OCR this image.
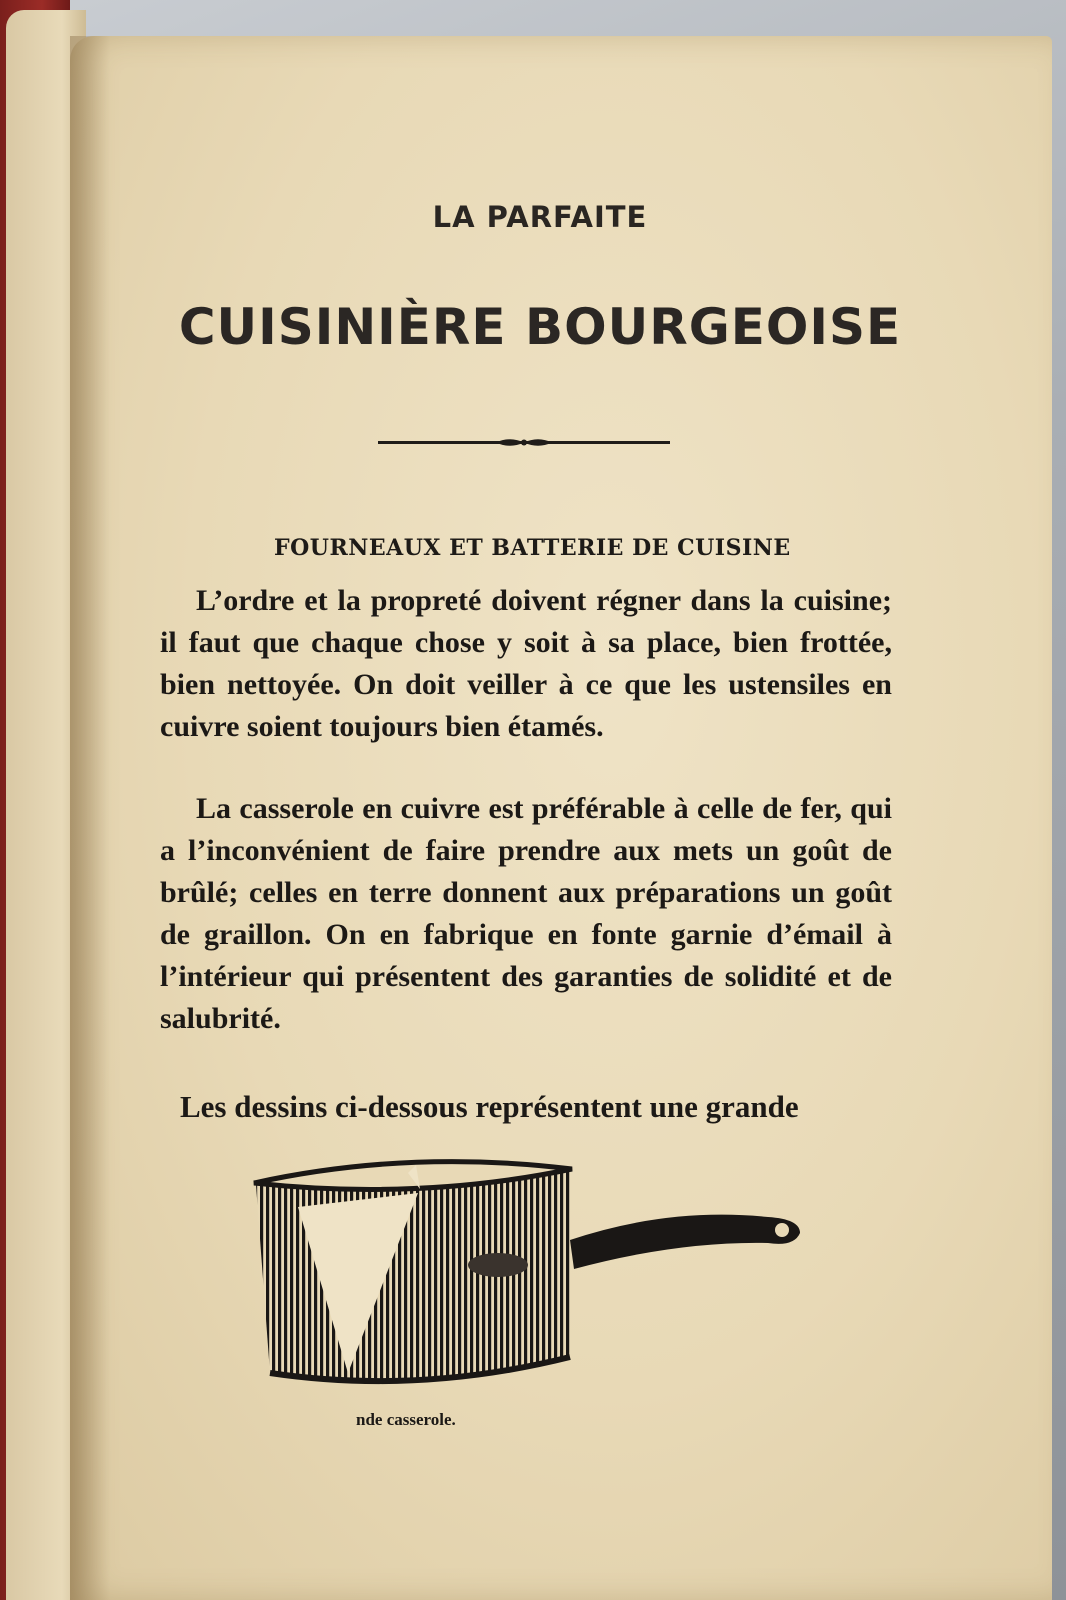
LA PARFAITE
CUISINIÈRE BOURGEOISE
FOURNEAUX ET BATTERIE DE CUISINE
L’ordre et la propreté doivent régner dans la cuisine; il faut que chaque chose y soit à sa place, bien frottée, bien nettoyée. On doit veiller à ce que les ustensiles en cuivre soient toujours bien étamés.
La casserole en cuivre est préférable à celle de fer, qui a l’inconvénient de faire prendre aux mets un goût de brûlé; celles en terre donnent aux préparations un goût de graillon. On en fabrique en fonte garnie d’émail à l’intérieur qui présentent des garanties de solidité et de salubrité.
Les dessins ci-dessous représentent une grande
nde casserole.
